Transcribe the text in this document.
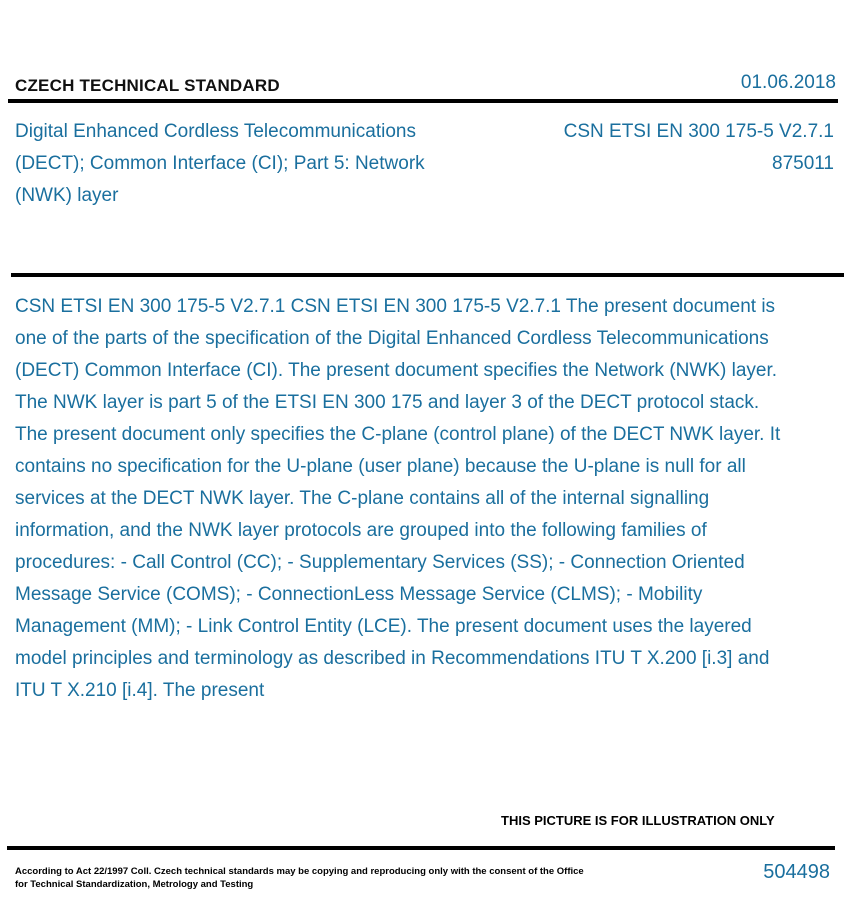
CZECH TECHNICAL STANDARD	01.06.2018
Digital Enhanced Cordless Telecommunications (DECT); Common Interface (CI); Part 5: Network (NWK) layer
CSN ETSI EN 300 175-5 V2.7.1
875011
CSN ETSI EN 300 175-5 V2.7.1 CSN ETSI EN 300 175-5 V2.7.1 The present document is one of the parts of the specification of the Digital Enhanced Cordless Telecommunications (DECT) Common Interface (CI). The present document specifies the Network (NWK) layer. The NWK layer is part 5 of the ETSI EN 300 175 and layer 3 of the DECT protocol stack. The present document only specifies the C-plane (control plane) of the DECT NWK layer. It contains no specification for the U-plane (user plane) because the U-plane is null for all services at the DECT NWK layer. The C-plane contains all of the internal signalling information, and the NWK layer protocols are grouped into the following families of procedures: - Call Control (CC); - Supplementary Services (SS); - Connection Oriented Message Service (COMS); - ConnectionLess Message Service (CLMS); - Mobility Management (MM); - Link Control Entity (LCE). The present document uses the layered model principles and terminology as described in Recommendations ITU T X.200 [i.3] and ITU T X.210 [i.4]. The present
THIS PICTURE IS FOR ILLUSTRATION ONLY
According to Act 22/1997 Coll. Czech technical standards may be copying and reproducing only with the consent of the Office for Technical Standardization, Metrology and Testing
504498
